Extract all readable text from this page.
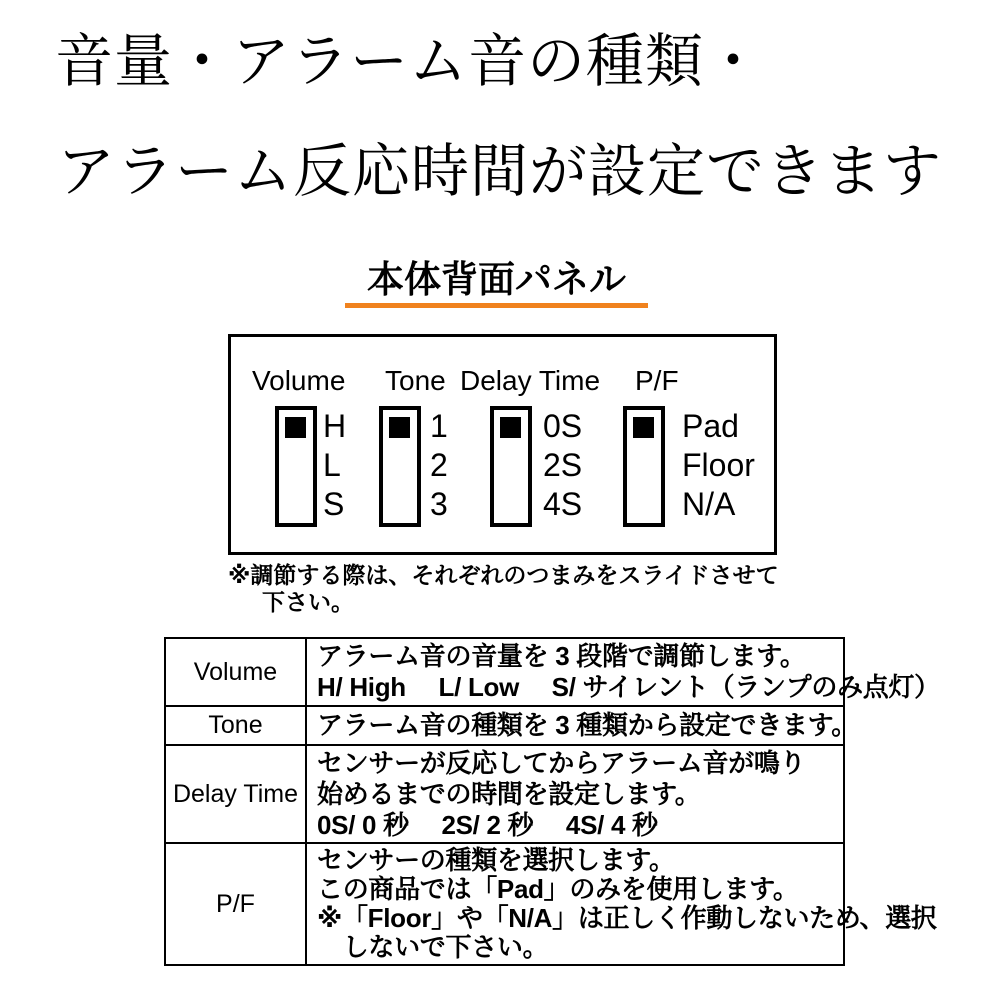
音量・アラーム音の種類・
アラーム反応時間が設定できます
本体背面パネル
Volume
H
L
S
Tone
1
2
3
Delay Time
0S
2S
4S
P/F
Pad
Floor
N/A
※調節する際は、それぞれのつまみをスライドさせて
下さい。
Volume	アラーム音の音量を 3 段階で調節します。
H/ High　 L/ Low　 S/ サイレント（ランプのみ点灯）

Tone	アラーム音の種類を 3 種類から設定できます。

Delay Time	センサーが反応してからアラーム音が鳴り
始めるまでの時間を設定します。
0S/ 0 秒　 2S/ 2 秒　 4S/ 4 秒

P/F	センサーの種類を選択します。
この商品では「Pad」のみを使用します。
※「Floor」や「N/A」は正しく作動しないため、選択
　しないで下さい。
